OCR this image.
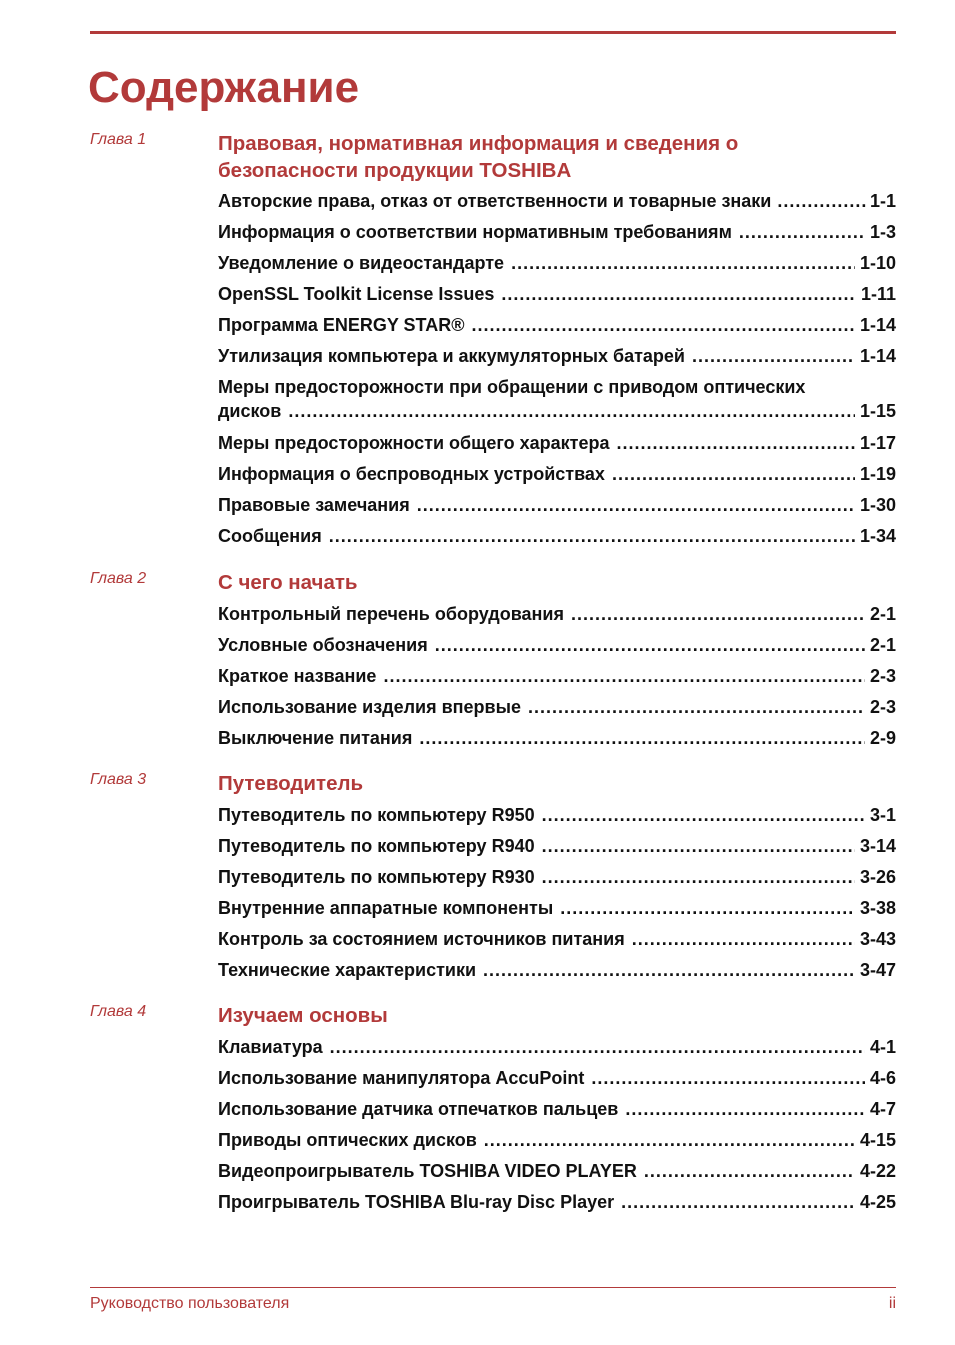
Содержание
Глава 1	Правовая, нормативная информация и сведения о безопасности продукции TOSHIBA
Авторские права, отказ от ответственности и товарные знаки .....	1-1
Информация о соответствии нормативным требованиям .....	1-3
Уведомление о видеостандарте .....	1-10
OpenSSL Toolkit License Issues .....	1-11
Программа ENERGY STAR® .....	1-14
Утилизация компьютера и аккумуляторных батарей .....	1-14
Меры предосторожности при обращении с приводом оптических
дисков .....	1-15
Меры предосторожности общего характера .....	1-17
Информация о беспроводных устройствах .....	1-19
Правовые замечания .....	1-30
Сообщения .....	1-34
Глава 2	С чего начать
Контрольный перечень оборудования .....	2-1
Условные обозначения .....	2-1
Краткое название .....	2-3
Использование изделия впервые .....	2-3
Выключение питания .....	2-9
Глава 3	Путеводитель
Путеводитель по компьютеру R950 .....	3-1
Путеводитель по компьютеру R940 .....	3-14
Путеводитель по компьютеру R930 .....	3-26
Внутренние аппаратные компоненты .....	3-38
Контроль за состоянием источников питания .....	3-43
Технические характеристики .....	3-47
Глава 4	Изучаем основы
Клавиатура .....	4-1
Использование манипулятора AccuPoint .....	4-6
Использование датчика отпечатков пальцев .....	4-7
Приводы оптических дисков .....	4-15
Видеопроигрыватель TOSHIBA VIDEO PLAYER .....	4-22
Проигрыватель TOSHIBA Blu-ray Disc Player .....	4-25
Руководство пользователя	ii
